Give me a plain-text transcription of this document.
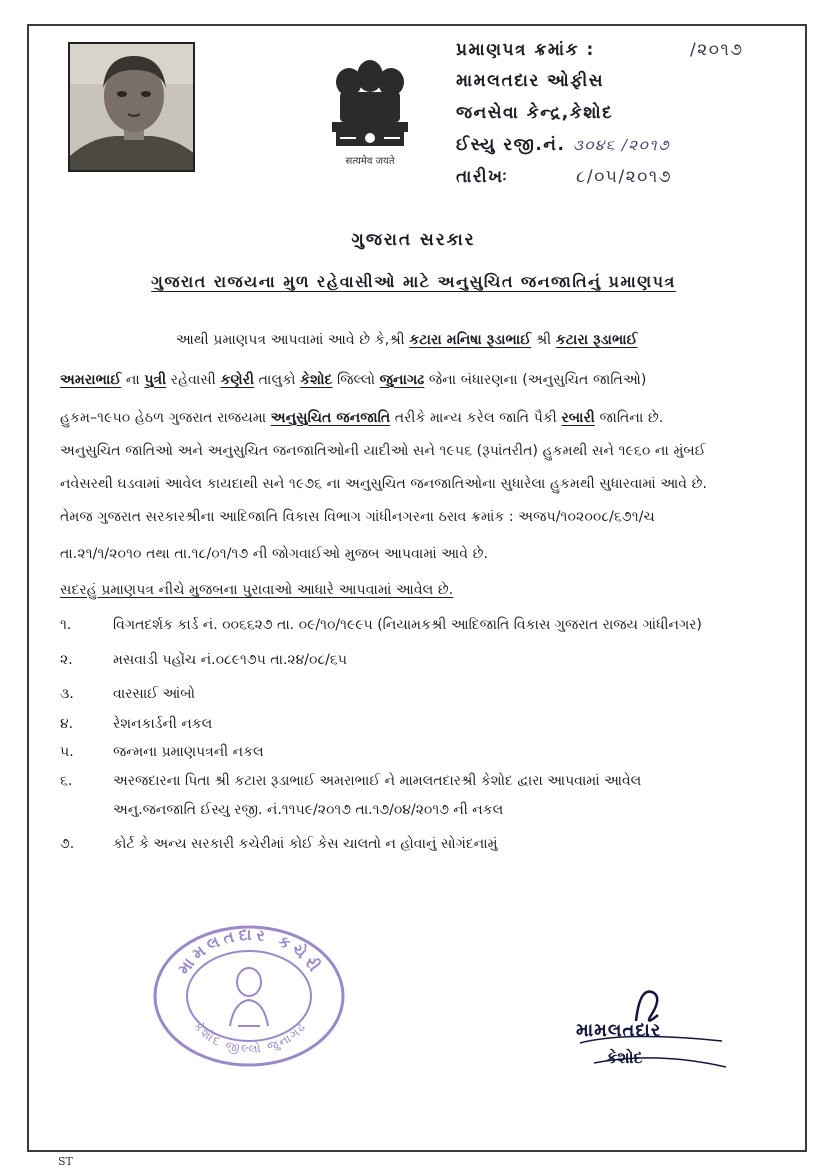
सत्यमेव जयते
પ્રમાણપત્ર ક્રમાંક :	/૨૦૧૭
મામલતદાર ઓફીસ
જનસેવા કેન્દ્ર,કેશોદ
ઈસ્યુ રજી.નં. ૩૦૪૬ /૨૦૧૭
તારીખઃ	૮/૦૫/૨૦૧૭
ગુજરાત સરકાર
ગુજરાત રાજયના મુળ રહેવાસીઓ માટે અનુસુચિત જનજાતિનું પ્રમાણપત્ર
આથી પ્રમાણપત્ર આપવામાં આવે છે કે,શ્રી કટારા મનિષા રૂડાભાઈ શ્રી કટારા રૂડાભાઈ
અમરાભાઈ ના પુત્રી રહેવાસી કણેરી તાલુકો કેશોદ જિલ્લો જુનાગઢ જેના બંધારણના (અનુસુચિત જાતિઓ)
હુકમ–૧૯૫૦ હેઠળ ગુજરાત રાજયમા અનુસુચિત જનજાતિ તરીકે માન્ય કરેલ જાતિ પૈકી રબારી જાતિના છે.
અનુસુચિત જાતિઓ અને અનુસુચિત જનજાતિઓની યાદીઓ સને ૧૯૫૬ (રૂપાંતરીત) હુકમથી સને ૧૯૬૦ ના મુંબઈ
નવેસરથી ઘડવામાં આવેલ કાયદાથી સને ૧૯૭૬ ના અનુસુચિત જનજાતિઓના સુધારેલા હુકમથી સુધારવામાં આવે છે.
તેમજ ગુજરાત સરકારશ્રીના આદિજાતિ વિકાસ વિભાગ ગાંધીનગરના ઠરાવ ક્રમાંક : અજપ/૧૦૨૦૦૮/૬૭૧/ચ
તા.૨૧/૧/૨૦૧૦ તથા તા.૧૮/૦૧/૧૭ ની જોગવાઈઓ મુજબ આપવામાં આવે છે.
સદરહું પ્રમાણપત્ર નીચે મુજબના પુરાવાઓ આધારે આપવામાં આવેલ છે.
૧.	વિગતદર્શક કાર્ડ નં. ૦૦૬૬૨૭ તા. ૦૯/૧૦/૧૯૯૫ (નિયામકશ્રી આદિજાતિ વિકાસ ગુજરાત રાજય ગાંધીનગર)
૨.	મસવાડી પહોંચ નં.૦૮૯૧૭૫ તા.૨૪/૦૮/૬૫
૩.	વારસાઈ આંબો
૪.	રેશનકાર્ડની નકલ
૫.	જન્મના પ્રમાણપત્રની નકલ
૬.	અરજદારના પિતા શ્રી કટારા રૂડાભાઈ અમરાભાઈ ને મામલતદારશ્રી કેશોદ દ્વારા આપવામાં આવેલ
અનુ.જનજાતિ ઈસ્યુ રજી. નં.૧૧૫૯/૨૦૧૭ તા.૧૭/૦૪/૨૦૧૭ ની નકલ
૭.	કોર્ટ કે અન્ય સરકારી કચેરીમાં કોઈ કેસ ચાલતો ન હોવાનું સોગંદનામું
મામલતદાર કચેરી
કેશોદ જીલ્લો જુનાગઢ	મામલતદાર
કેશોદ
ST
